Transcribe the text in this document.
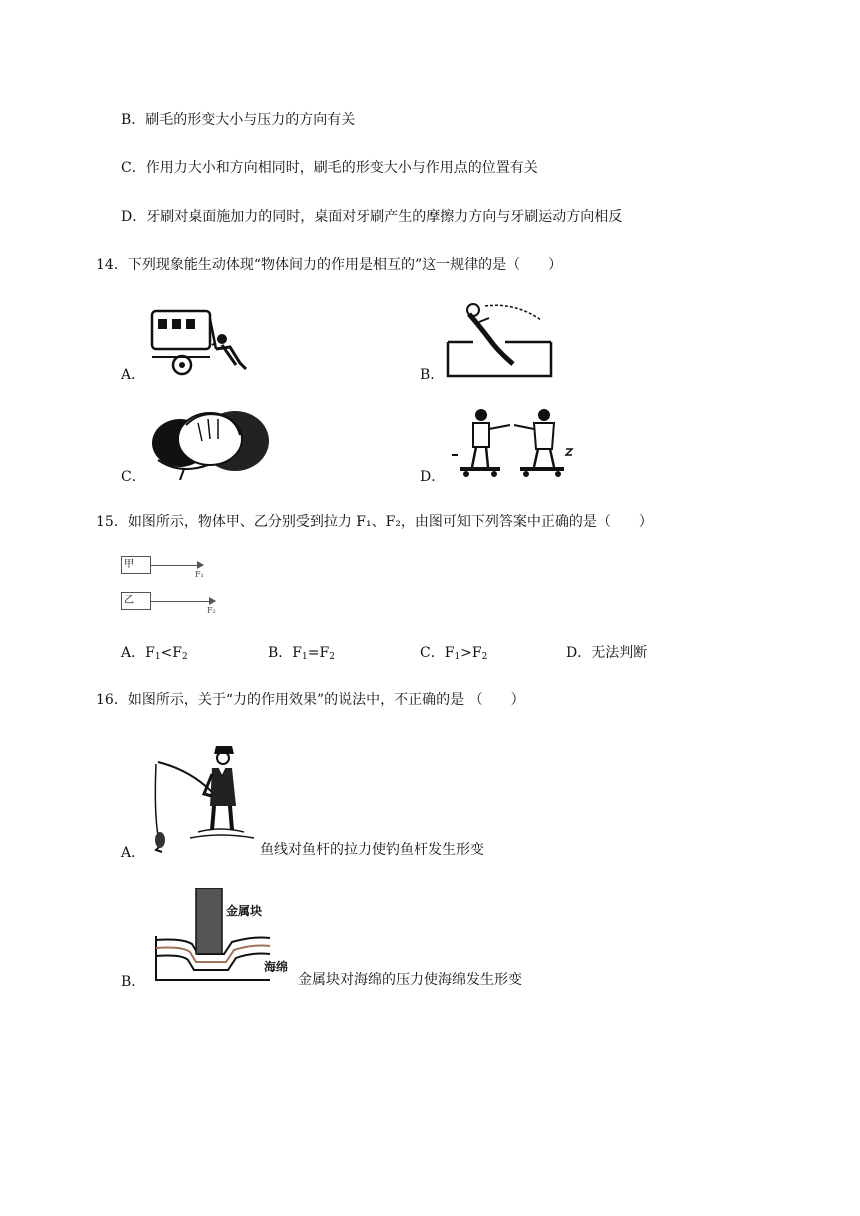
B．刷毛的形变大小与压力的方向有关
C．作用力大小和方向相同时，刷毛的形变大小与作用点的位置有关
D．牙刷对桌面施加力的同时，桌面对牙刷产生的摩擦力方向与牙刷运动方向相反
14．下列现象能生动体现“物体间力的作用是相互的”这一规律的是（　　）
A．	B．
C．	D．
15．如图所示，物体甲、乙分别受到拉力 F₁、F₂，由图可知下列答案中正确的是（　　）
甲
F₁
乙
F₂
A．$F_1<F_2$	B．$F_1=F_2$	C．$F_1>F_2$	D．无法判断
16．如图所示，关于“力的作用效果”的说法中，不正确的是 （　　）
A．	鱼线对鱼杆的拉力使钓鱼杆发生形变
B．
金属块
海绵
金属块对海绵的压力使海绵发生形变
